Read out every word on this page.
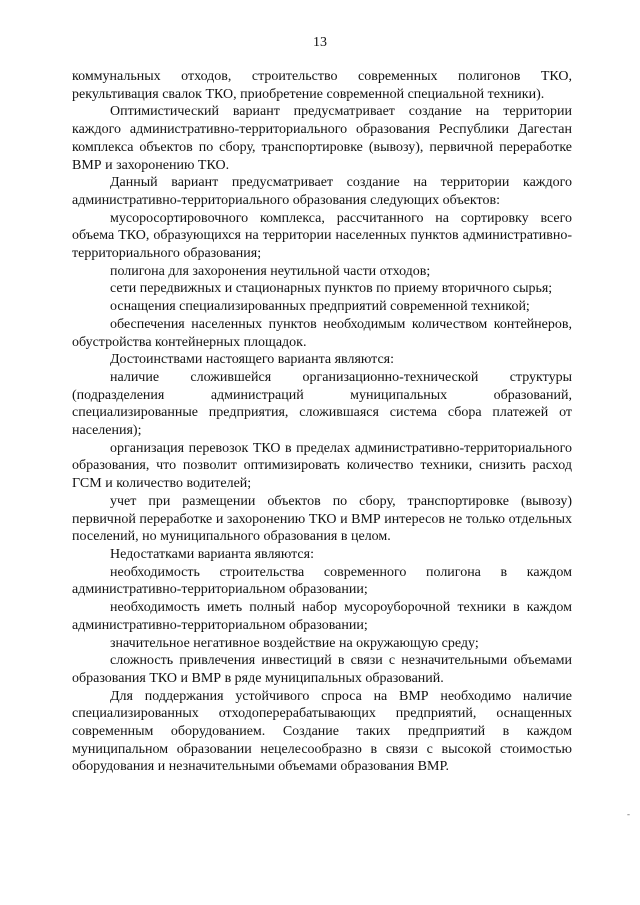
13

коммунальных отходов, строительство современных полигонов ТКО, рекультивация свалок ТКО, приобретение современной специальной техники).

Оптимистический вариант предусматривает создание на территории каждого административно-территориального образования Республики Дагестан комплекса объектов по сбору, транспортировке (вывозу), первичной переработке ВМР и захоронению ТКО.

Данный вариант предусматривает создание на территории каждого административно-территориального образования следующих объектов:

мусоросортировочного комплекса, рассчитанного на сортировку всего объема ТКО, образующихся на территории населенных пунктов административно-территориального образования;

полигона для захоронения неутильной части отходов;

сети передвижных и стационарных пунктов по приему вторичного сырья;

оснащения специализированных предприятий современной техникой;

обеспечения населенных пунктов необходимым количеством контейнеров, обустройства контейнерных площадок.

Достоинствами настоящего варианта являются:

наличие сложившейся организационно-технической структуры (подразделения администраций муниципальных образований, специализированные предприятия, сложившаяся система сбора платежей от населения);

организация перевозок ТКО в пределах административно-территориального образования, что позволит оптимизировать количество техники, снизить расход ГСМ и количество водителей;

учет при размещении объектов по сбору, транспортировке (вывозу) первичной переработке и захоронению ТКО и ВМР интересов не только отдельных поселений, но муниципального образования в целом.

Недостатками варианта являются:

необходимость строительства современного полигона в каждом административно-территориальном образовании;

необходимость иметь полный набор мусороуборочной техники в каждом административно-территориальном образовании;

значительное негативное воздействие на окружающую среду;

сложность привлечения инвестиций в связи с незначительными объемами образования ТКО и ВМР в ряде муниципальных образований.

Для поддержания устойчивого спроса на ВМР необходимо наличие специализированных отходоперерабатывающих предприятий, оснащенных современным оборудованием. Создание таких предприятий в каждом муниципальном образовании нецелесообразно в связи с высокой стоимостью оборудования и незначительными объемами образования ВМР.

-
